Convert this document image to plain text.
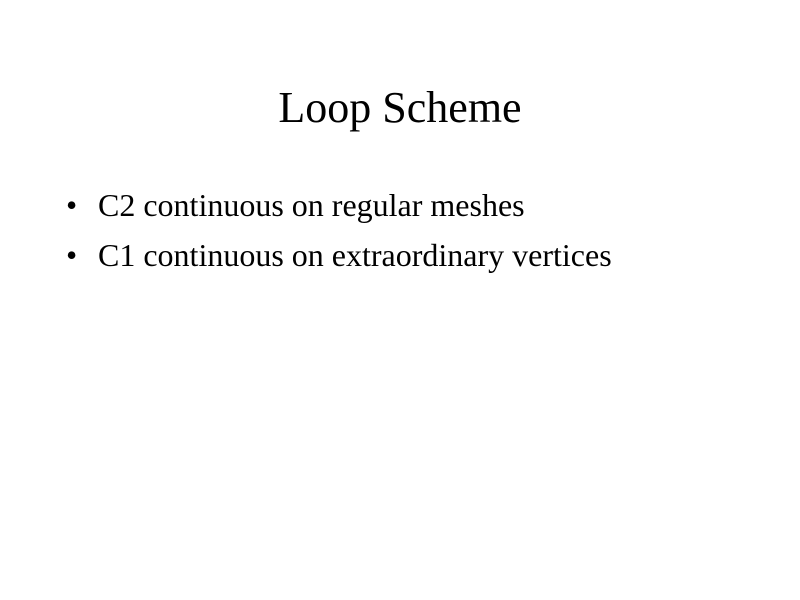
Loop Scheme
• C2 continuous on regular meshes
• C1 continuous on extraordinary vertices
